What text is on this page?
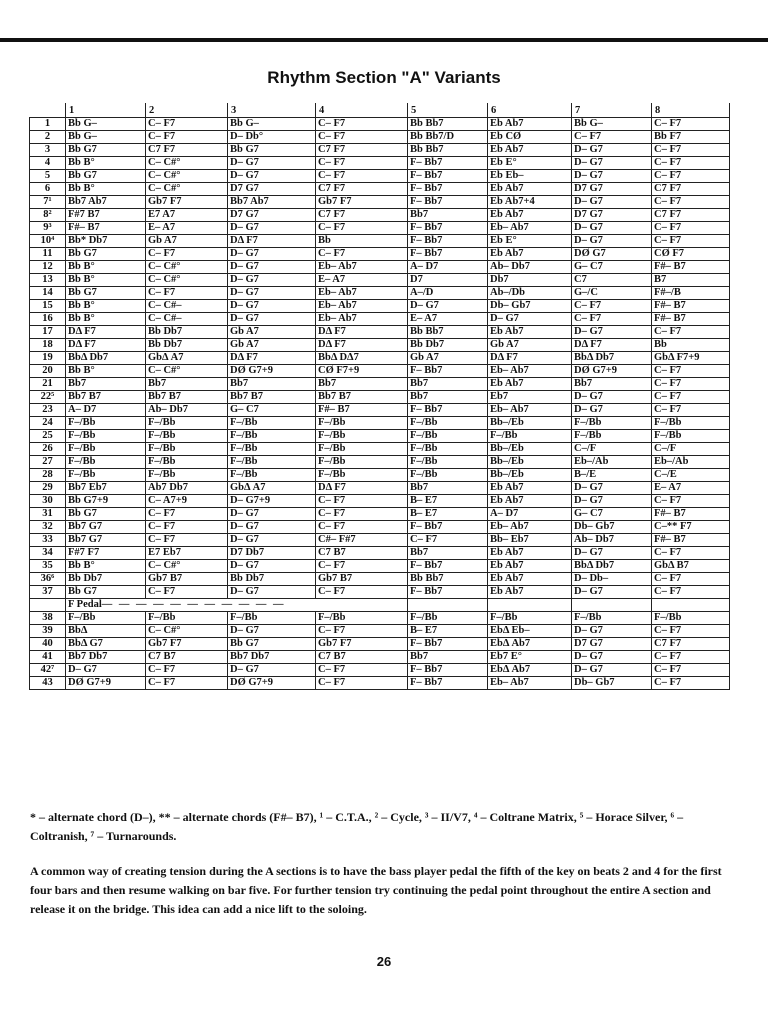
Rhythm Section "A" Variants
	1	2	3	4	5	6	7	8
1	Bb G–	C– F7	Bb G–	C– F7	Bb Bb7	Eb Ab7	Bb G–	C– F7
2	Bb G–	C– F7	D– Db°	C– F7	Bb Bb7/D	Eb CØ	C– F7	Bb F7
3	Bb G7	C7 F7	Bb G7	C7 F7	Bb Bb7	Eb Ab7	D– G7	C– F7
4	Bb B°	C– C#°	D– G7	C– F7	F– Bb7	Eb E°	D– G7	C– F7
5	Bb G7	C– C#°	D– G7	C– F7	F– Bb7	Eb Eb–	D– G7	C– F7
6	Bb B°	C– C#°	D7 G7	C7 F7	F– Bb7	Eb Ab7	D7 G7	C7 F7
7¹	Bb7 Ab7	Gb7 F7	Bb7 Ab7	Gb7 F7	F– Bb7	Eb Ab7+4	D– G7	C– F7
8²	F#7 B7	E7 A7	D7 G7	C7 F7	Bb7	Eb Ab7	D7 G7	C7 F7
9³	F#– B7	E– A7	D– G7	C– F7	F– Bb7	Eb– Ab7	D– G7	C– F7
10⁴	Bb* Db7	Gb A7	DΔ F7	Bb	F– Bb7	Eb E°	D– G7	C– F7
11	Bb G7	C– F7	D– G7	C– F7	F– Bb7	Eb Ab7	DØ G7	CØ F7
12	Bb B°	C– C#°	D– G7	Eb– Ab7	A– D7	Ab– Db7	G– C7	F#– B7
13	Bb B°	C– C#°	D– G7	E– A7	D7	Db7	C7	B7
14	Bb G7	C– F7	D– G7	Eb– Ab7	A–/D	Ab–/Db	G–/C	F#–/B
15	Bb B°	C– C#–	D– G7	Eb– Ab7	D– G7	Db– Gb7	C– F7	F#– B7
16	Bb B°	C– C#–	D– G7	Eb– Ab7	E– A7	D– G7	C– F7	F#– B7
17	DΔ F7	Bb Db7	Gb A7	DΔ F7	Bb Bb7	Eb Ab7	D– G7	C– F7
18	DΔ F7	Bb Db7	Gb A7	DΔ F7	Bb Db7	Gb A7	DΔ F7	Bb
19	BbΔ Db7	GbΔ A7	DΔ F7	BbΔ DΔ7	Gb A7	DΔ F7	BbΔ Db7	GbΔ F7+9
20	Bb B°	C– C#°	DØ G7+9	CØ F7+9	F– Bb7	Eb– Ab7	DØ G7+9	C– F7
21	Bb7	Bb7	Bb7	Bb7	Bb7	Eb Ab7	Bb7	C– F7
22⁵	Bb7 B7	Bb7 B7	Bb7 B7	Bb7 B7	Bb7	Eb7	D– G7	C– F7
23	A– D7	Ab– Db7	G– C7	F#– B7	F– Bb7	Eb– Ab7	D– G7	C– F7
24	F–/Bb	F–/Bb	F–/Bb	F–/Bb	F–/Bb	Bb–/Eb	F–/Bb	F–/Bb
25	F–/Bb	F–/Bb	F–/Bb	F–/Bb	F–/Bb	F–/Bb	F–/Bb	F–/Bb
26	F–/Bb	F–/Bb	F–/Bb	F–/Bb	F–/Bb	Bb–/Eb	C–/F	C–/F
27	F–/Bb	F–/Bb	F–/Bb	F–/Bb	F–/Bb	Bb–/Eb	Eb–/Ab	Eb–/Ab
28	F–/Bb	F–/Bb	F–/Bb	F–/Bb	F–/Bb	Bb–/Eb	B–/E	C–/E
29	Bb7 Eb7	Ab7 Db7	GbΔ A7	DΔ F7	Bb7	Eb Ab7	D– G7	E– A7
30	Bb G7+9	C– A7+9	D– G7+9	C– F7	B– E7	Eb Ab7	D– G7	C– F7
31	Bb G7	C– F7	D– G7	C– F7	B– E7	A– D7	G– C7	F#– B7
32	Bb7 G7	C– F7	D– G7	C– F7	F– Bb7	Eb– Ab7	Db– Gb7	C–** F7
33	Bb7 G7	C– F7	D– G7	C#– F#7	C– F7	Bb– Eb7	Ab– Db7	F#– B7
34	F#7 F7	E7 Eb7	D7 Db7	C7 B7	Bb7	Eb Ab7	D– G7	C– F7
35	Bb B°	C– C#°	D– G7	C– F7	F– Bb7	Eb Ab7	BbΔ Db7	GbΔ B7
36⁶	Bb Db7	Gb7 B7	Bb Db7	Gb7 B7	Bb Bb7	Eb Ab7	D– Db–	C– F7
37	Bb G7	C– F7	D– G7	C– F7	F– Bb7	Eb Ab7	D– G7	C– F7
	F Pedal— — — — — — — — — — —							
38	F–/Bb	F–/Bb	F–/Bb	F–/Bb	F–/Bb	F–/Bb	F–/Bb	F–/Bb
39	BbΔ	C– C#°	D– G7	C– F7	B– E7	EbΔ Eb–	D– G7	C– F7
40	BbΔ G7	Gb7 F7	Bb G7	Gb7 F7	F– Bb7	EbΔ Ab7	D7 G7	C7 F7
41	Bb7 Db7	C7 B7	Bb7 Db7	C7 B7	Bb7	Eb7 E°	D– G7	C– F7
42⁷	D– G7	C– F7	D– G7	C– F7	F– Bb7	EbΔ Ab7	D– G7	C– F7
43	DØ G7+9	C– F7	DØ G7+9	C– F7	F– Bb7	Eb– Ab7	Db– Gb7	C– F7
* – alternate chord (D–), ** – alternate chords (F#– B7), ¹ – C.T.A., ² – Cycle, ³ – II/V7, ⁴ – Coltrane Matrix, ⁵ – Horace Silver, ⁶ – Coltranish, ⁷ – Turnarounds.

A common way of creating tension during the A sections is to have the bass player pedal the fifth of the key on beats 2 and 4 for the first four bars and then resume walking on bar five. For further tension try continuing the pedal point throughout the entire A section and release it on the bridge. This idea can add a nice lift to the soloing.

26
